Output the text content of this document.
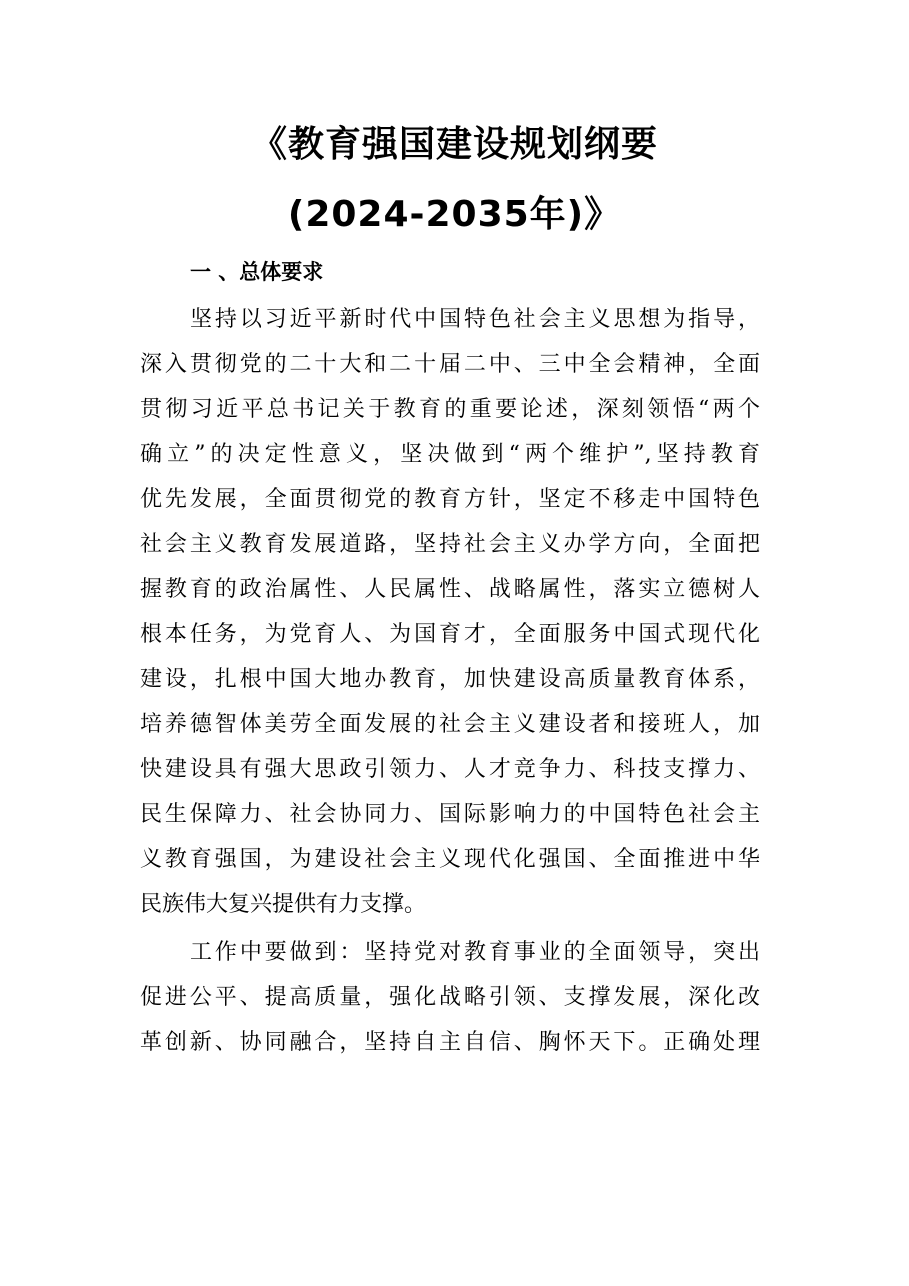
《教育强国建设规划纲要
(2024-2035年)》
一 、总体要求
坚持以习近平新时代中国特色社会主义思想为指导，
深入贯彻党的二十大和二十届二中、三中全会精神，全面
贯彻习近平总书记关于教育的重要论述，深刻领悟“两个
确立”的决定性意义，坚决做到“两个维护”,坚持教育
优先发展，全面贯彻党的教育方针，坚定不移走中国特色
社会主义教育发展道路，坚持社会主义办学方向，全面把
握教育的政治属性、人民属性、战略属性，落实立德树人
根本任务，为党育人、为国育才，全面服务中国式现代化
建设，扎根中国大地办教育，加快建设高质量教育体系，
培养德智体美劳全面发展的社会主义建设者和接班人，加
快建设具有强大思政引领力、人才竞争力、科技支撑力、
民生保障力、社会协同力、国际影响力的中国特色社会主
义教育强国，为建设社会主义现代化强国、全面推进中华
民族伟大复兴提供有力支撑。
工作中要做到：坚持党对教育事业的全面领导，突出
促进公平、提高质量，强化战略引领、支撑发展，深化改
革创新、协同融合，坚持自主自信、胸怀天下。正确处理
